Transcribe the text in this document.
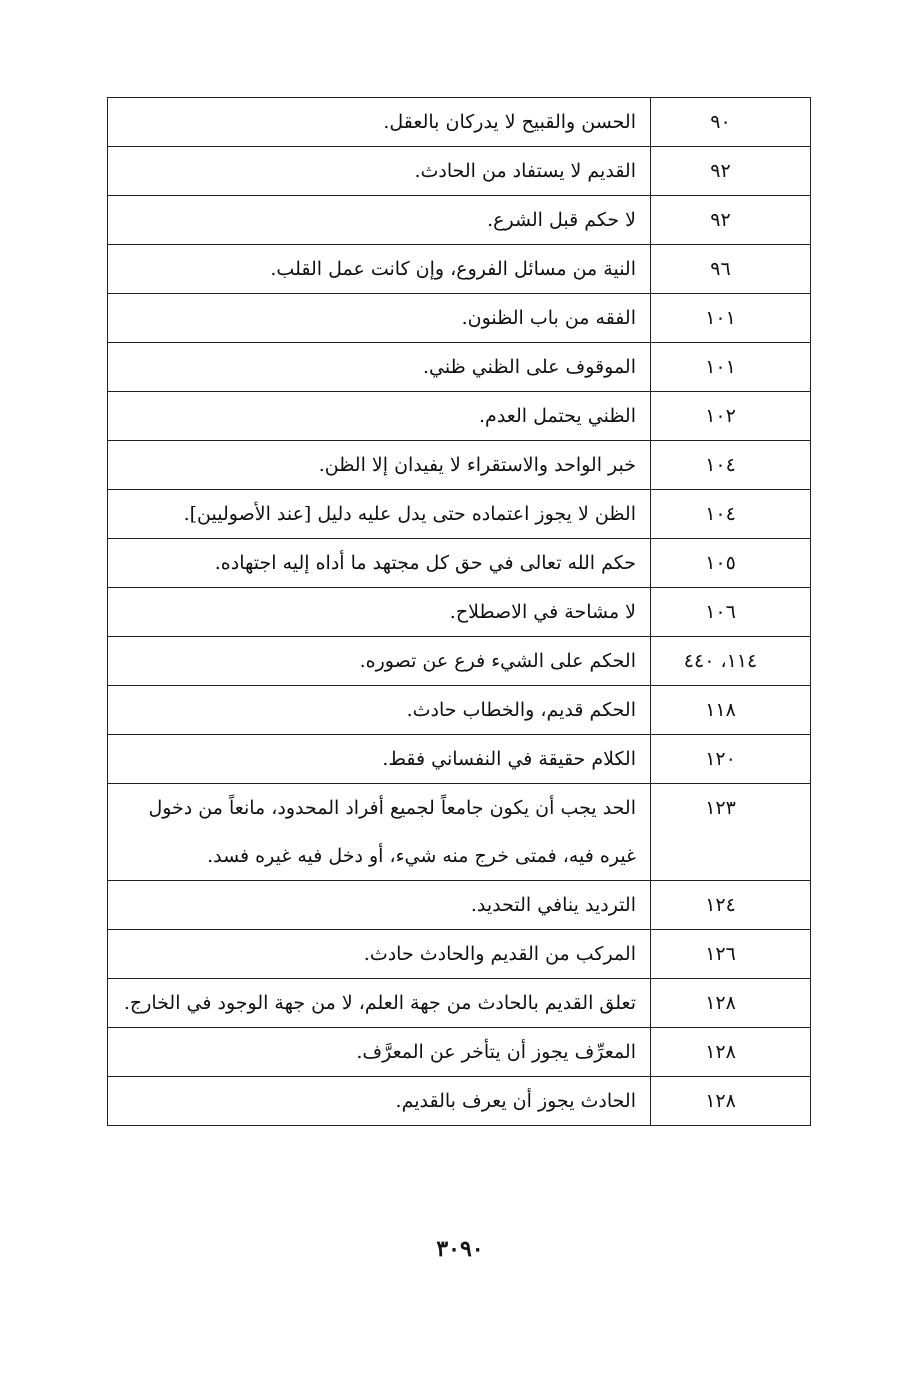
الحسن والقبيح لا يدركان بالعقل.	٩٠
القديم لا يستفاد من الحادث.	٩٢
لا حكم قبل الشرع.	٩٢
النية من مسائل الفروع، وإن كانت عمل القلب.	٩٦
الفقه من باب الظنون.	١٠١
الموقوف على الظني ظني.	١٠١
الظني يحتمل العدم.	١٠٢
خبر الواحد والاستقراء لا يفيدان إلا الظن.	١٠٤
الظن لا يجوز اعتماده حتى يدل عليه دليل [عند الأصوليين].	١٠٤
حكم الله تعالى في حق كل مجتهد ما أداه إليه اجتهاده.	١٠٥
لا مشاحة في الاصطلاح.	١٠٦
الحكم على الشيء فرع عن تصوره.	١١٤، ٤٤٠
الحكم قديم، والخطاب حادث.	١١٨
الكلام حقيقة في النفساني فقط.	١٢٠
الحد يجب أن يكون جامعاً لجميع أفراد المحدود، مانعاً من دخول غيره فيه، فمتى خرج منه شيء، أو دخل فيه غيره فسد.	١٢٣
الترديد ينافي التحديد.	١٢٤
المركب من القديم والحادث حادث.	١٢٦
تعلق القديم بالحادث من جهة العلم، لا من جهة الوجود في الخارج.	١٢٨
المعرِّف يجوز أن يتأخر عن المعرَّف.	١٢٨
الحادث يجوز أن يعرف بالقديم.	١٢٨
٣٠٩٠
